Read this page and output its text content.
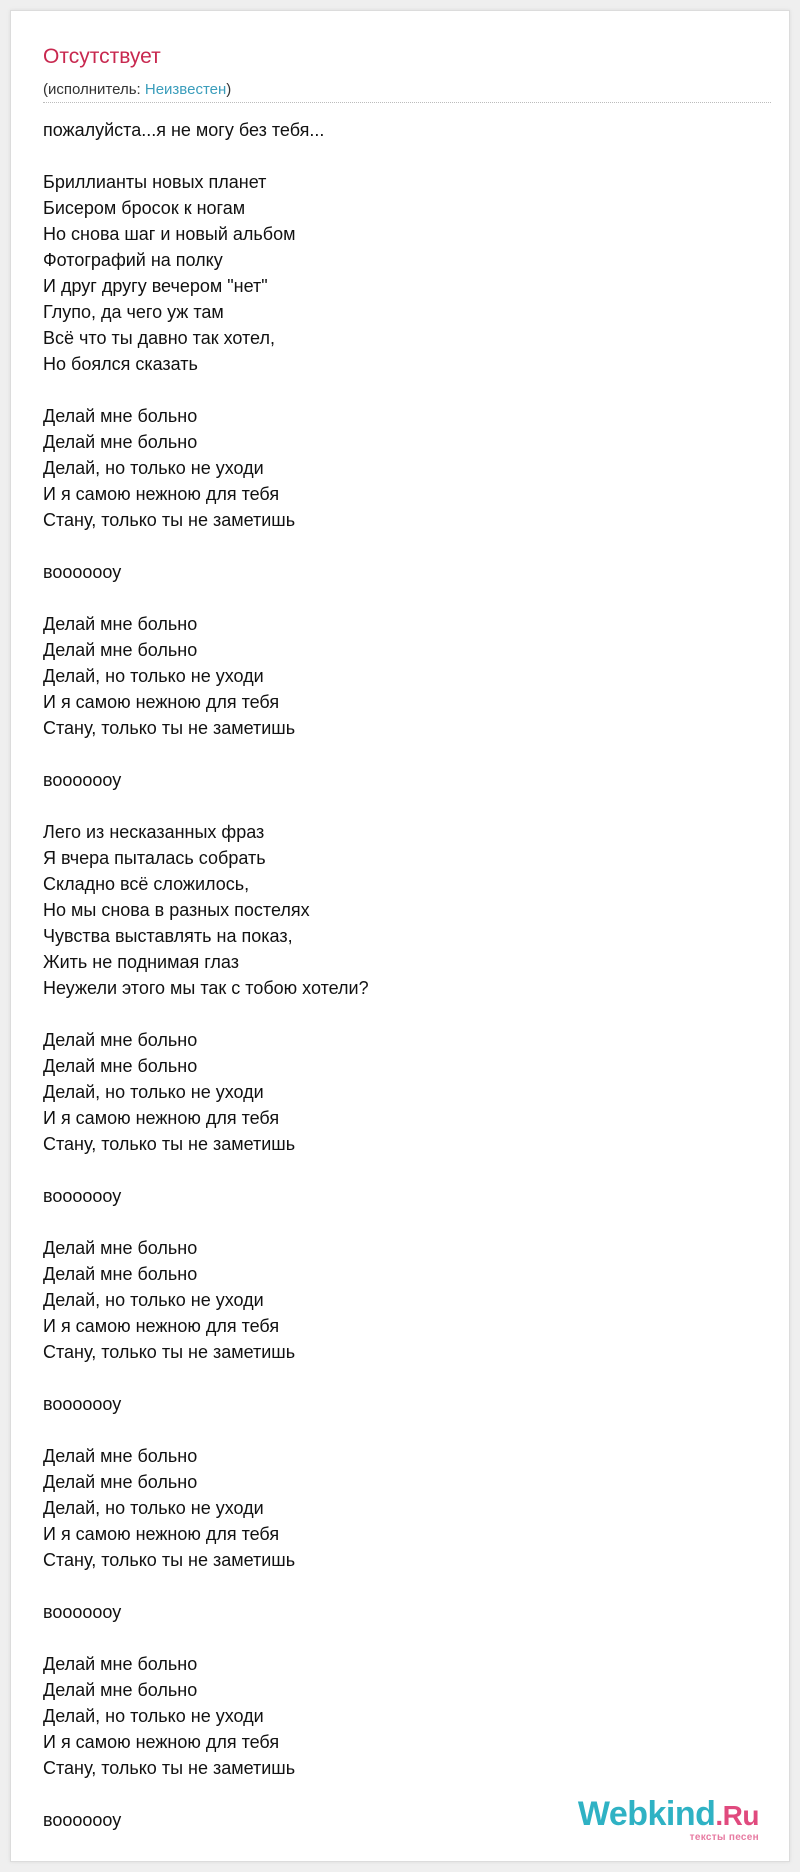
Отсутствует
(исполнитель: Неизвестен)
пожалуйста...я не могу без тебя...
Бриллианты новых планет
Бисером бросок к ногам
Но снова шаг и новый альбом
Фотографий на полку
И друг другу вечером "нет"
Глупо, да чего уж там
Всё что ты давно так хотел,
Но боялся сказать
Делай мне больно
Делай мне больно
Делай, но только не уходи
И я самою нежною для тебя
Стану, только ты не заметишь
вооооооу
Делай мне больно
Делай мне больно
Делай, но только не уходи
И я самою нежною для тебя
Стану, только ты не заметишь
вооооооу
Лего из несказанных фраз
Я вчера пыталась собрать
Складно всё сложилось,
Но мы снова в разных постелях
Чувства выставлять на показ,
Жить не поднимая глаз
Неужели этого мы так с тобою хотели?
Делай мне больно
Делай мне больно
Делай, но только не уходи
И я самою нежною для тебя
Стану, только ты не заметишь
вооооооу
Делай мне больно
Делай мне больно
Делай, но только не уходи
И я самою нежною для тебя
Стану, только ты не заметишь
вооооооу
Делай мне больно
Делай мне больно
Делай, но только не уходи
И я самою нежною для тебя
Стану, только ты не заметишь
вооооооу
Делай мне больно
Делай мне больно
Делай, но только не уходи
И я самою нежною для тебя
Стану, только ты не заметишь
вооооооу	Webkind.Ru
тексты песен
